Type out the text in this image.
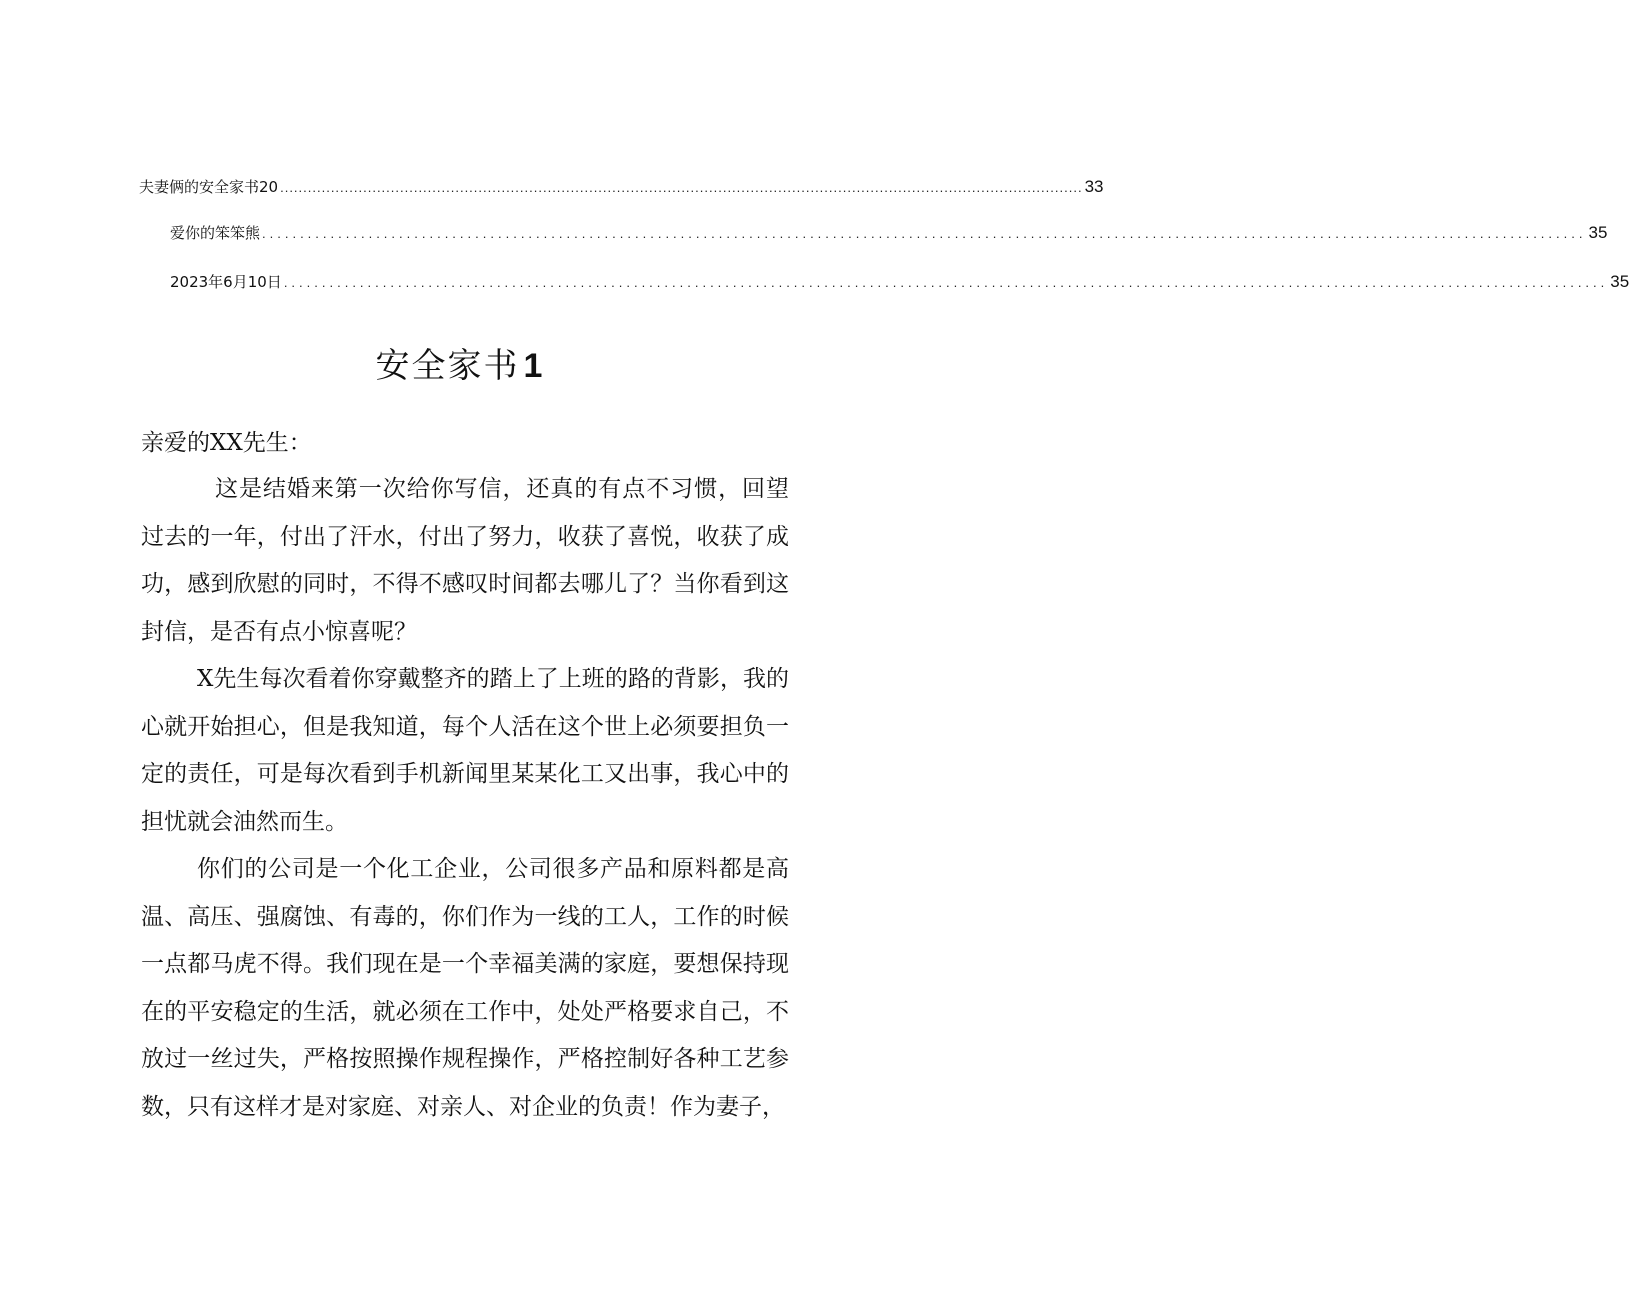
夫妻俩的安全家书20 .............................................................................................................................................................................. 33
爱你的笨笨熊 .............................................................................................................................................................................. 35
2023年6月10日 .............................................................................................................................................................................. 35
安全家书 1
亲爱的XX先生：
这是结婚来第一次给你写信，还真的有点不习惯，回望过去的一年，付出了汗水，付出了努力，收获了喜悦，收获了成功，感到欣慰的同时，不得不感叹时间都去哪儿了？当你看到这封信，是否有点小惊喜呢？
X先生每次看着你穿戴整齐的踏上了上班的路的背影，我的心就开始担心，但是我知道，每个人活在这个世上必须要担负一定的责任，可是每次看到手机新闻里某某化工又出事，我心中的担忧就会油然而生。
你们的公司是一个化工企业，公司很多产品和原料都是高温、高压、强腐蚀、有毒的，你们作为一线的工人，工作的时候一点都马虎不得。我们现在是一个幸福美满的家庭，要想保持现在的平安稳定的生活，就必须在工作中，处处严格要求自己，不放过一丝过失，严格按照操作规程操作，严格控制好各种工艺参数，只有这样才是对家庭、对亲人、对企业的负责！作为妻子，
